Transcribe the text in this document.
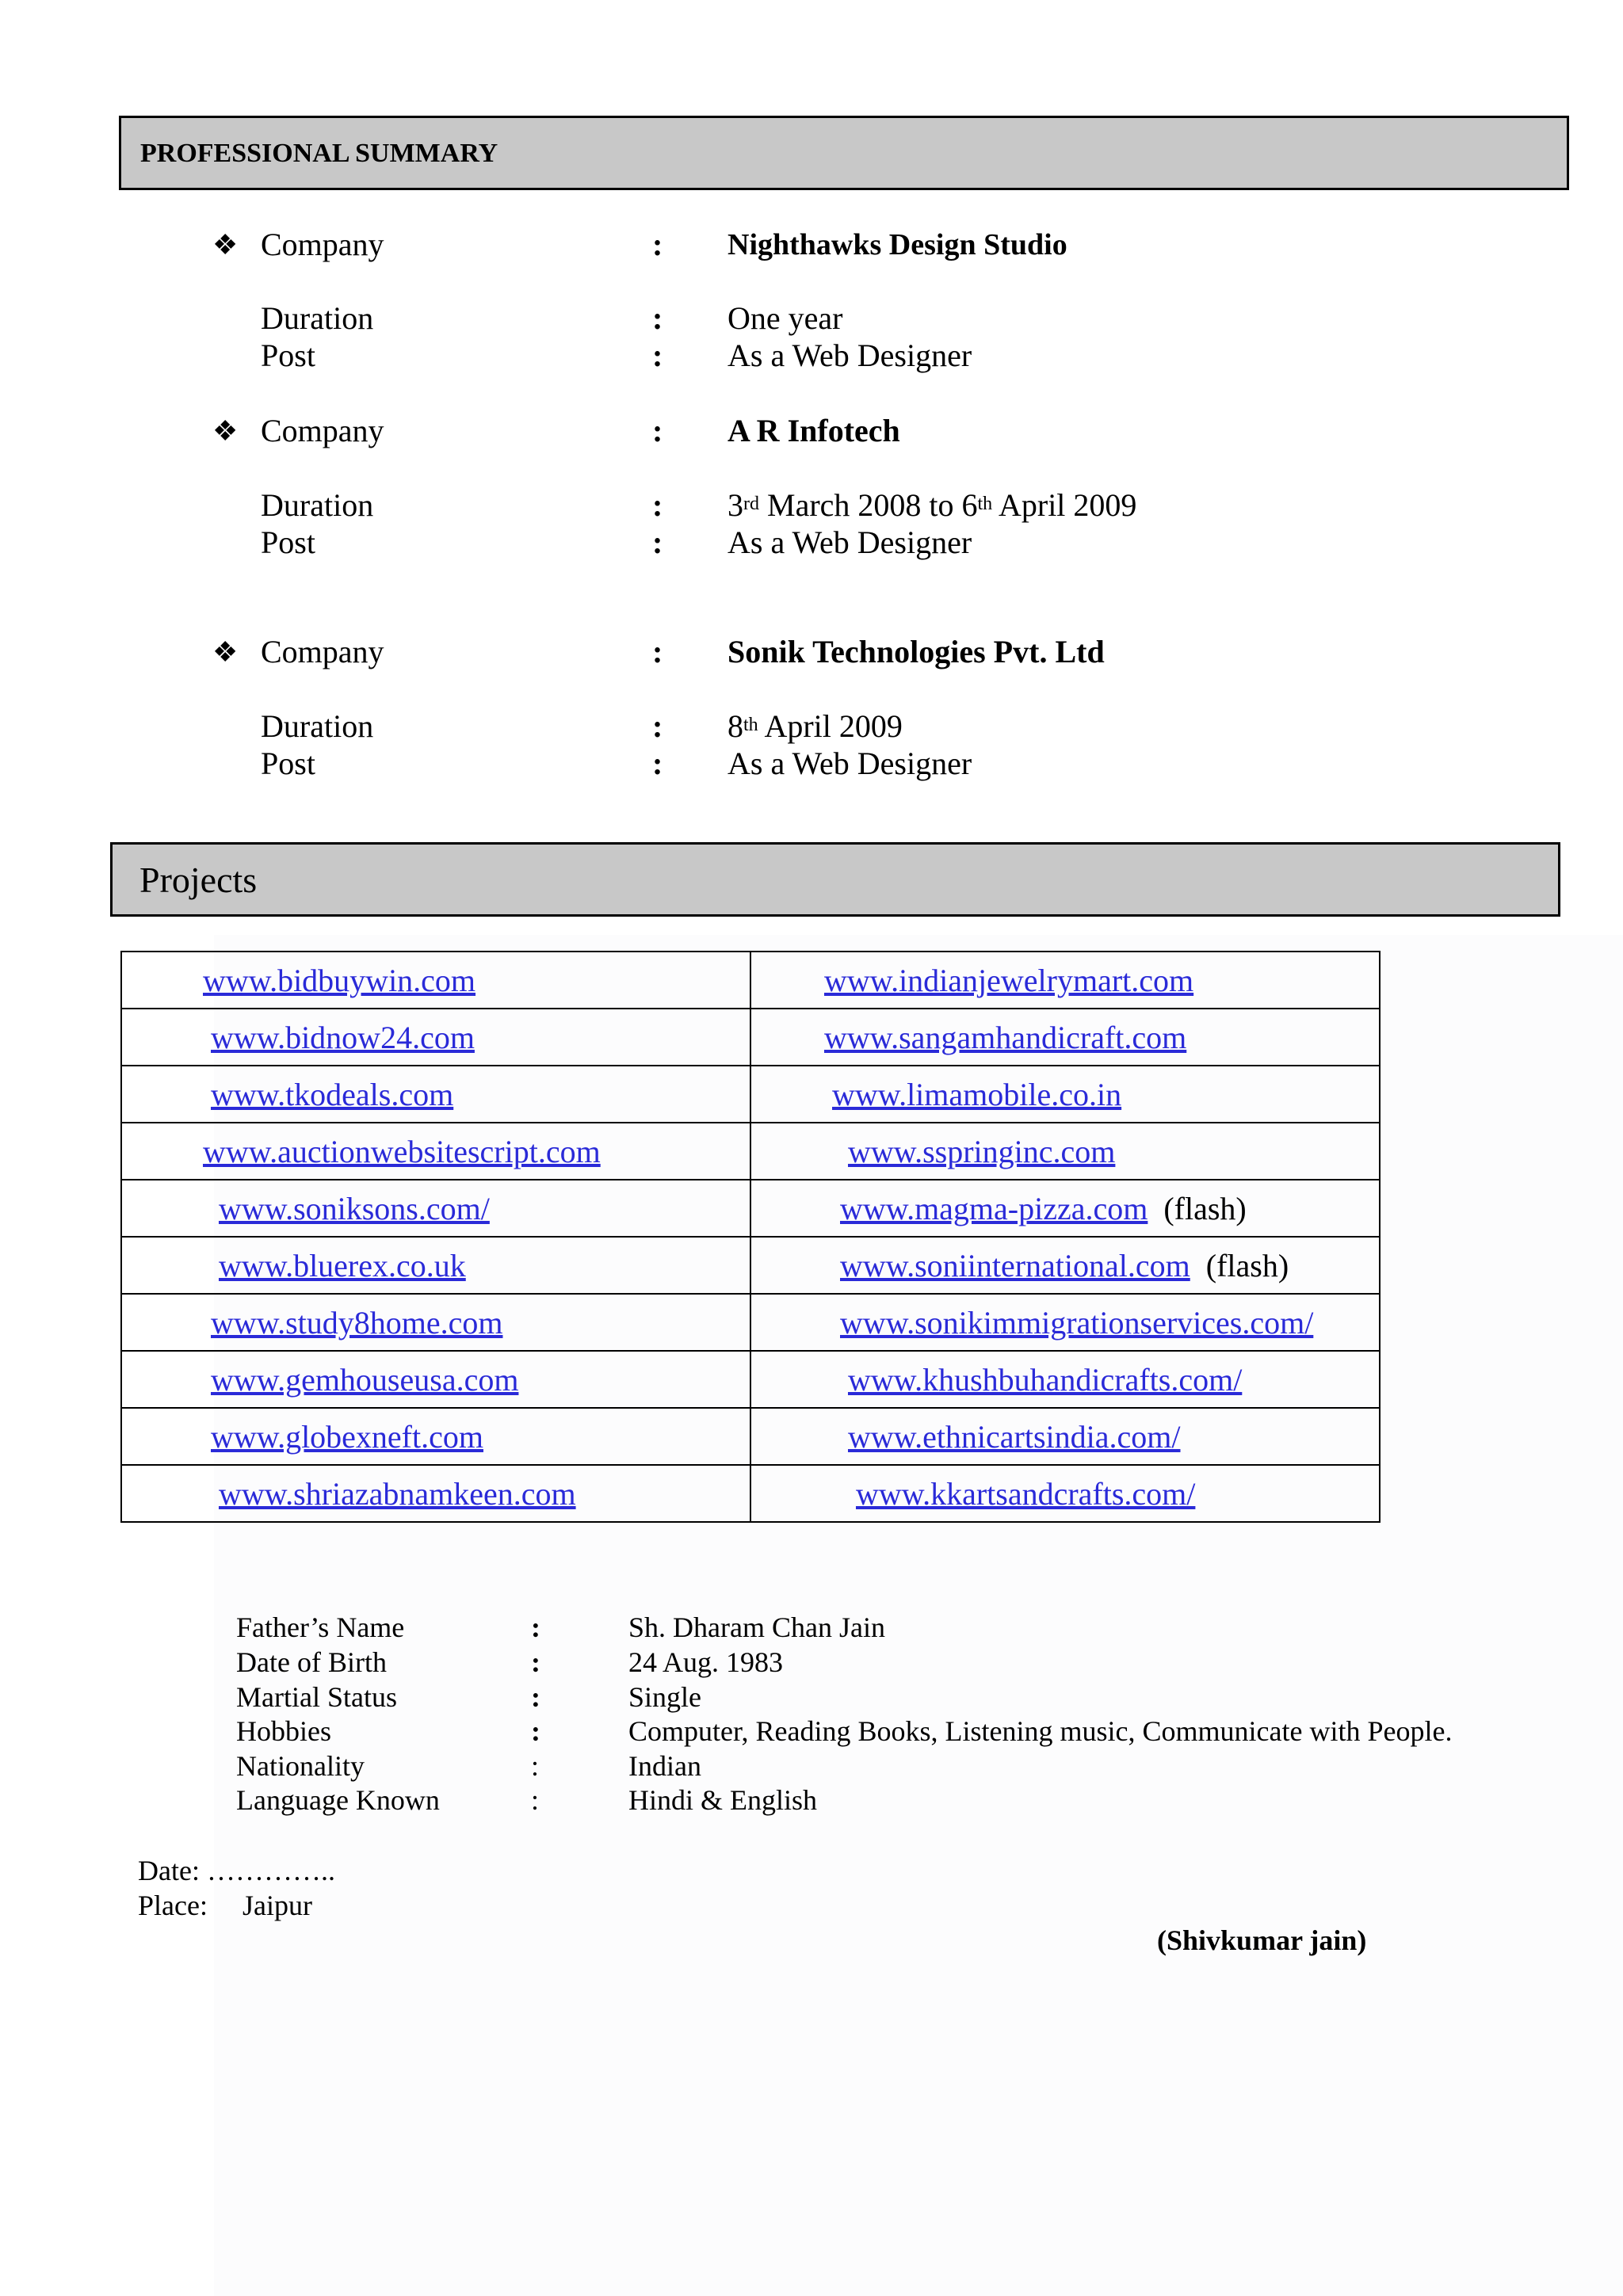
PROFESSIONAL SUMMARY
❖ Company	: Nighthawks Design Studio
Duration	: One year
Post	: As a Web Designer
❖ Company	: A R Infotech
Duration	: 3rd March 2008 to 6th April 2009
Post	: As a Web Designer
❖ Company	: Sonik Technologies Pvt. Ltd
Duration	: 8th April 2009
Post	: As a Web Designer
Projects
www.bidbuywin.com	www.indianjewelrymart.com
www.bidnow24.com	www.sangamhandicraft.com
www.tkodeals.com	www.limamobile.co.in
www.auctionwebsitescript.com	www.sspringinc.com
www.soniksons.com/	www.magma-pizza.com (flash)
www.bluerex.co.uk	www.soniinternational.com (flash)
www.study8home.com	www.sonikimmigrationservices.com/
www.gemhouseusa.com	www.khushbuhandicrafts.com/
www.globexneft.com	www.ethnicartsindia.com/
www.shriazabnamkeen.com	www.kkartsandcrafts.com/
Father’s Name	:	Sh. Dharam Chan Jain
Date of Birth	:	24 Aug. 1983
Martial Status	:	Single
Hobbies	:	Computer, Reading Books, Listening music, Communicate with People.
Nationality	:	Indian
Language Known	:	Hindi & English
Date: …………..
Place: Jaipur
(Shivkumar jain)
